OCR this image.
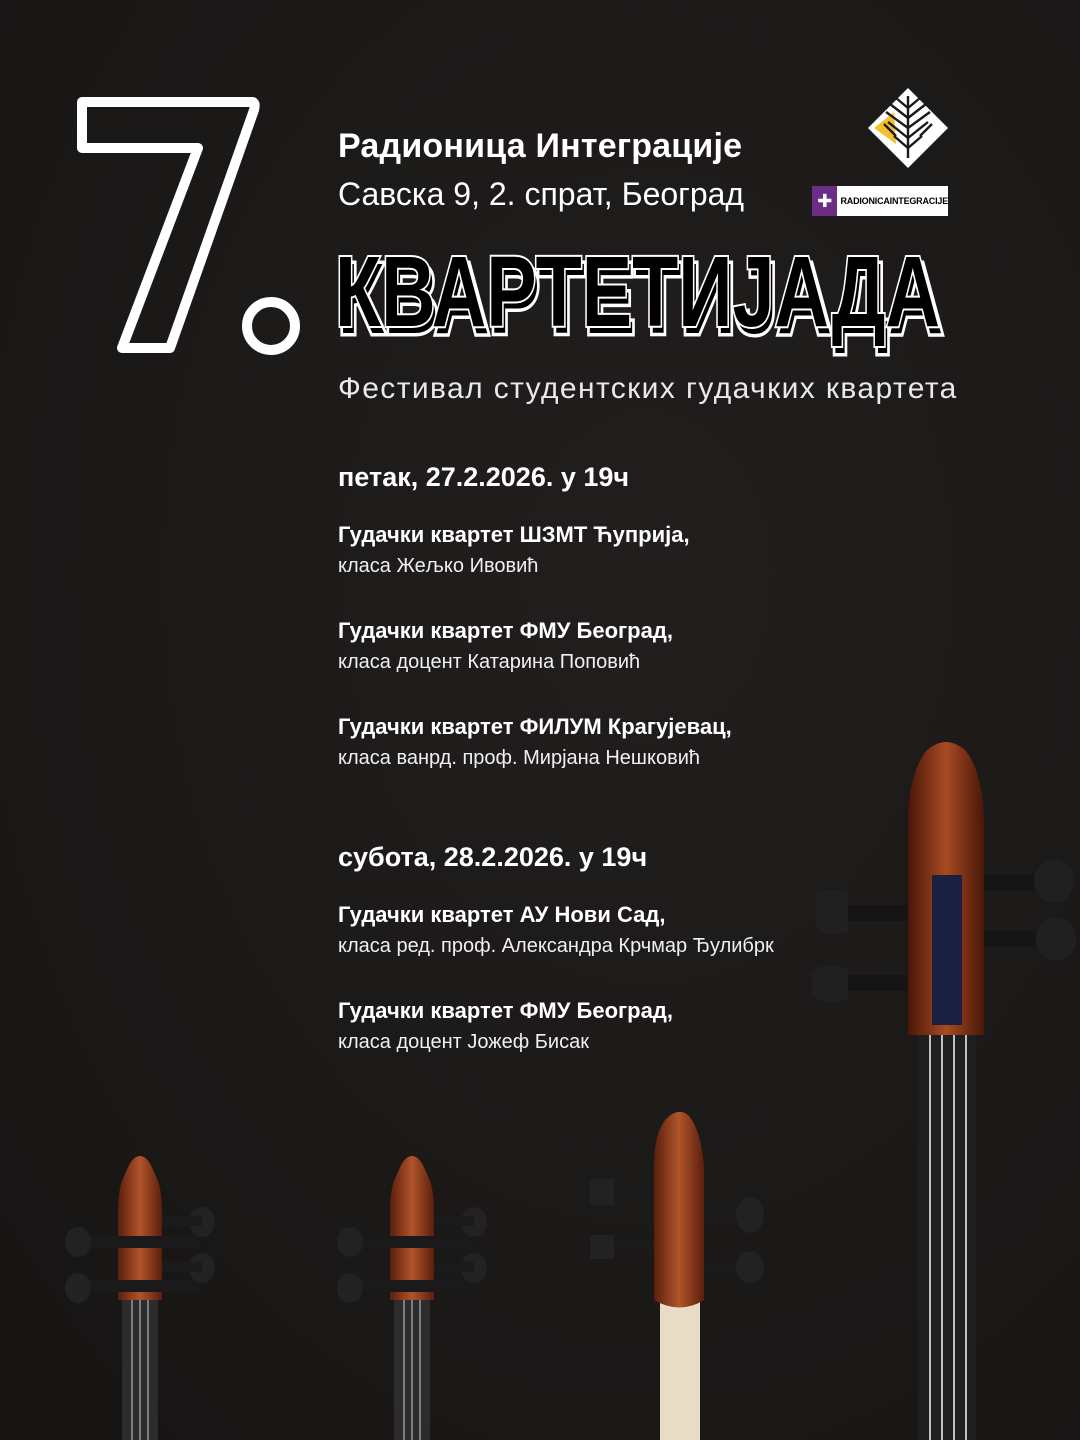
Радионица Интеграције
Савска 9, 2. спрат, Београд	✚ RADIONICAINTEGRACIJE
КВАРТЕТИЈАДА
КВАРТЕТИЈАДА
Фестивал студентских гудачких квартета
петак, 27.2.2026. у 19ч
Гудачки квартет ШЗМТ Ћуприја,
класа Жељко Ивовић
Гудачки квартет ФМУ Београд,
класа доцент Катарина Поповић
Гудачки квартет ФИЛУМ Крагујевац,
класа ванрд. проф. Мирјана Нешковић
субота, 28.2.2026. у 19ч
Гудачки квартет АУ Нови Сад,
класа ред. проф. Александра Крчмар Ђулибрк
Гудачки квартет ФМУ Београд,
класа доцент Јожеф Бисак
